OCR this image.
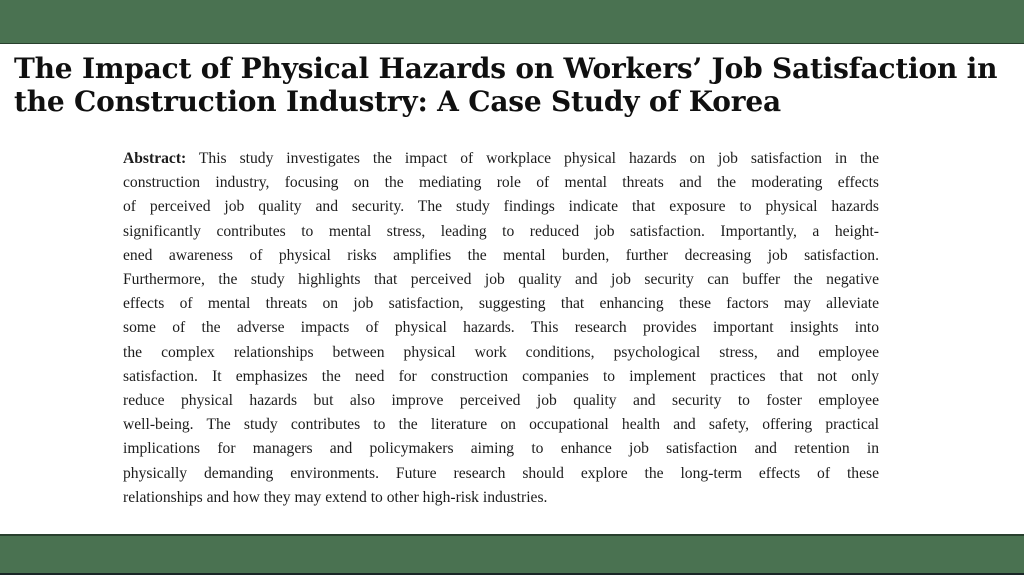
The Impact of Physical Hazards on Workers’ Job Satisfaction in
the Construction Industry: A Case Study of Korea
Abstract: This study investigates the impact of workplace physical hazards on job satisfaction in the
construction industry, focusing on the mediating role of mental threats and the moderating effects
of perceived job quality and security. The study findings indicate that exposure to physical hazards
significantly contributes to mental stress, leading to reduced job satisfaction. Importantly, a height-
ened awareness of physical risks amplifies the mental burden, further decreasing job satisfaction.
Furthermore, the study highlights that perceived job quality and job security can buffer the negative
effects of mental threats on job satisfaction, suggesting that enhancing these factors may alleviate
some of the adverse impacts of physical hazards. This research provides important insights into
the complex relationships between physical work conditions, psychological stress, and employee
satisfaction. It emphasizes the need for construction companies to implement practices that not only
reduce physical hazards but also improve perceived job quality and security to foster employee
well-being. The study contributes to the literature on occupational health and safety, offering practical
implications for managers and policymakers aiming to enhance job satisfaction and retention in
physically demanding environments. Future research should explore the long-term effects of these
relationships and how they may extend to other high-risk industries.
